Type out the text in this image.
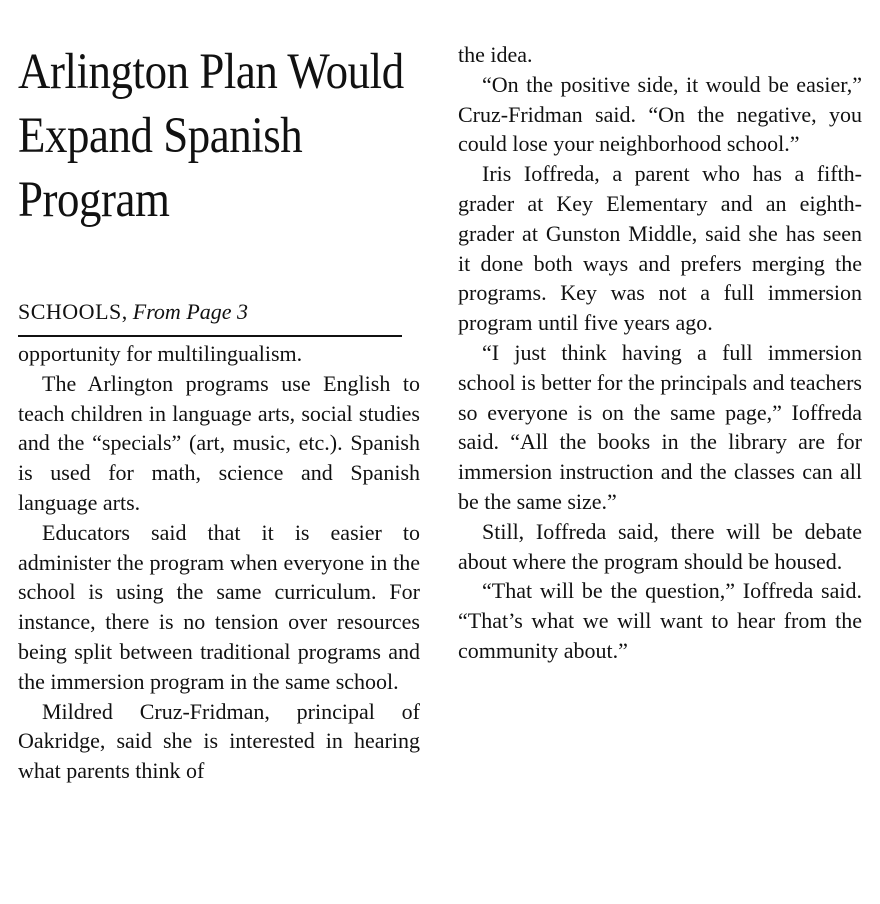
Arlington Plan Would Expand Spanish Program
SCHOOLS, From Page 3

opportunity for multilingualism.

The Arlington programs use English to teach children in language arts, social studies and the “specials” (art, music, etc.). Spanish is used for math, science and Spanish language arts.

Educators said that it is easier to administer the program when everyone in the school is using the same curriculum. For instance, there is no tension over resources being split between traditional programs and the immersion program in the same school.

Mildred Cruz-Fridman, principal of Oakridge, said she is interested in hearing what parents think of

the idea.

“On the positive side, it would be easier,” Cruz-Fridman said. “On the negative, you could lose your neighborhood school.”

Iris Ioffreda, a parent who has a fifth-grader at Key Elementary and an eighth-grader at Gunston Middle, said she has seen it done both ways and prefers merging the programs. Key was not a full immersion program until five years ago.

“I just think having a full immersion school is better for the principals and teachers so everyone is on the same page,” Ioffreda said. “All the books in the library are for immersion instruction and the classes can all be the same size.”

Still, Ioffreda said, there will be debate about where the program should be housed.

“That will be the question,” Ioffreda said. “That’s what we will want to hear from the community about.”
